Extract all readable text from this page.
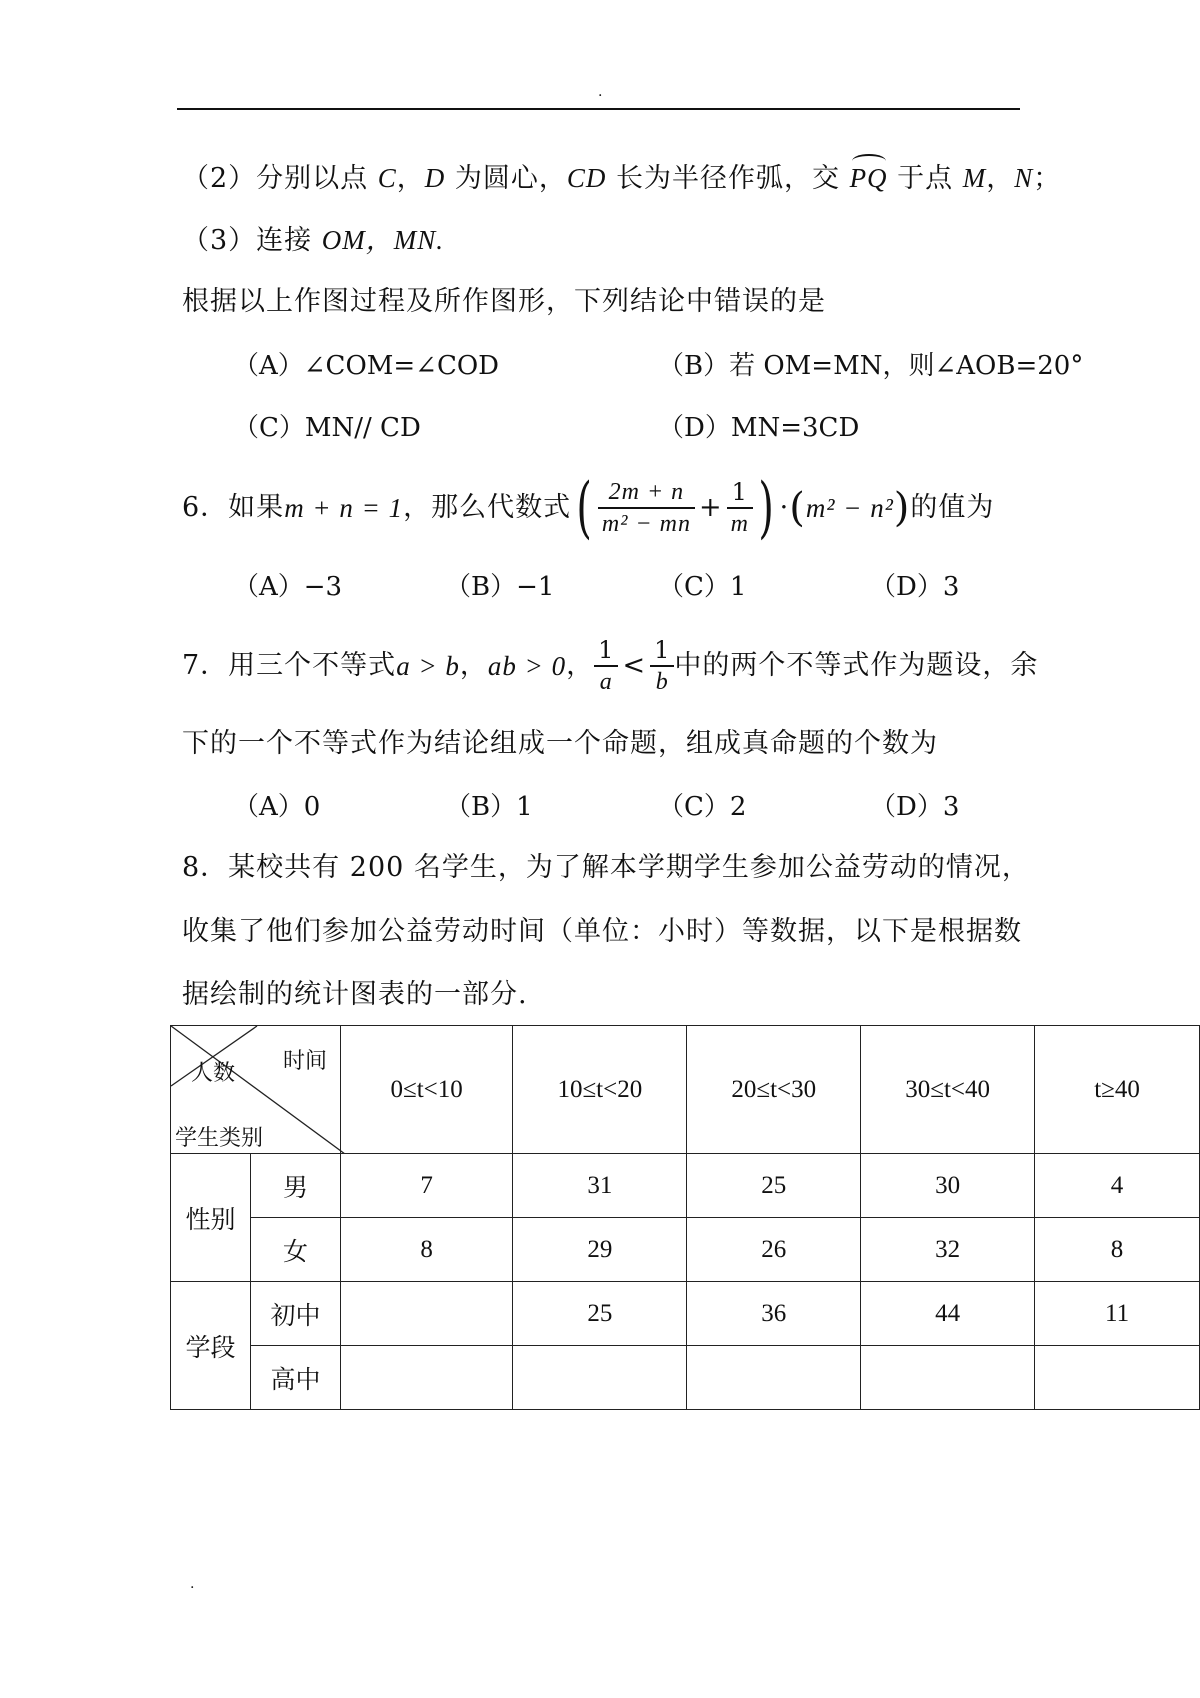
.
（2）分别以点 C，D 为圆心，CD 长为半径作弧，交 PQ 于点 M，N；
（3）连接 OM，MN.
根据以上作图过程及所作图形，下列结论中错误的是
（A）∠COM=∠COD	（B）若 OM=MN，则∠AOB=20°
（C）MN// CD	（D）MN=3CD
6．如果 m + n = 1 ，那么代数式 ( $\frac{2m + n}{\text{m² − mn}} + \frac{1}{m}$ ) · ( m² − n² ) 的值为
（A）−3	（B）−1	（C）1	（D）3
7．用三个不等式 a > b ， ab > 0 ， $\frac{1}{a} < \frac{1}{b}$ 中的两个不等式作为题设，余
下的一个不等式作为结论组成一个命题，组成真命题的个数为
（A）0	（B）1	（C）2	（D）3
8．某校共有 200 名学生，为了解本学期学生参加公益劳动的情况，
收集了他们参加公益劳动时间（单位：小时）等数据，以下是根据数
据绘制的统计图表的一部分.
时间
人数
学生类别		0≤t<10	10≤t<20	20≤t<30	30≤t<40	t≥40
性别	男	7	31	25	30	4
	女	8	29	26	32	8
学段	初中		25	36	44	11
	高中					
.
